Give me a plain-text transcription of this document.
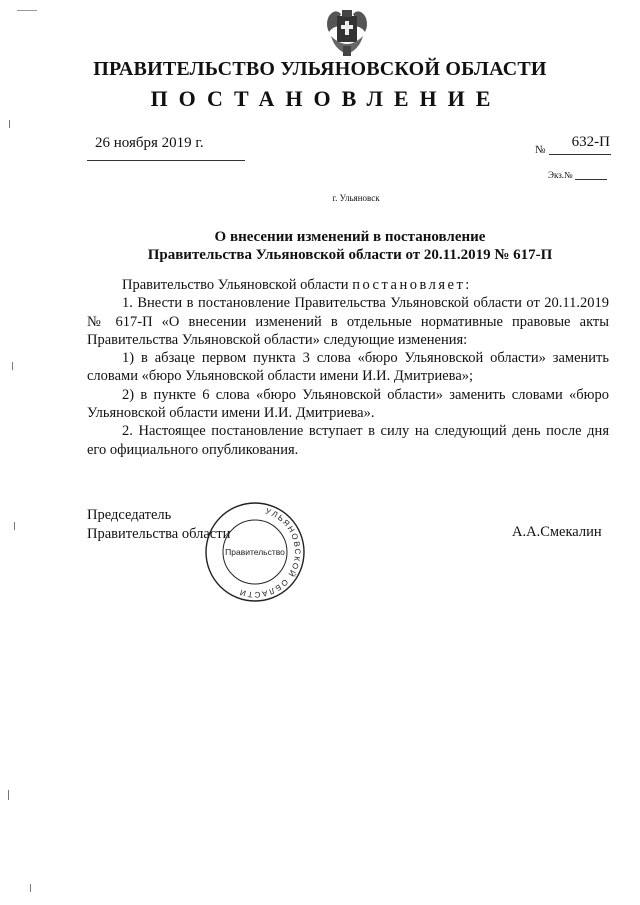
ПРАВИТЕЛЬСТВО УЛЬЯНОВСКОЙ ОБЛАСТИ
ПОСТАНОВЛЕНИЕ
26 ноября 2019 г.	№	632-П
Экз.№
г. Ульяновск
О внесении изменений в постановление
Правительства Ульяновской области от 20.11.2019 № 617-П

Правительство Ульяновской области постановляет:

1. Внести в постановление Правительства Ульяновской области от 20.11.2019 № 617-П «О внесении изменений в отдельные нормативные правовые акты Правительства Ульяновской области» следующие изменения:

1) в абзаце первом пункта 3 слова «бюро Ульяновской области» заменить словами «бюро Ульяновской области имени И.И. Дмитриева»;

2) в пункте 6 слова «бюро Ульяновской области» заменить словами «бюро Ульяновской области имени И.И. Дмитриева».

2. Настоящее постановление вступает в силу на следующий день после дня его официального опубликования.

Председатель
Правительства области	А.А.Смекалин
УЛЬЯНОВСКОЙ ОБЛАСТИ
Правительство
